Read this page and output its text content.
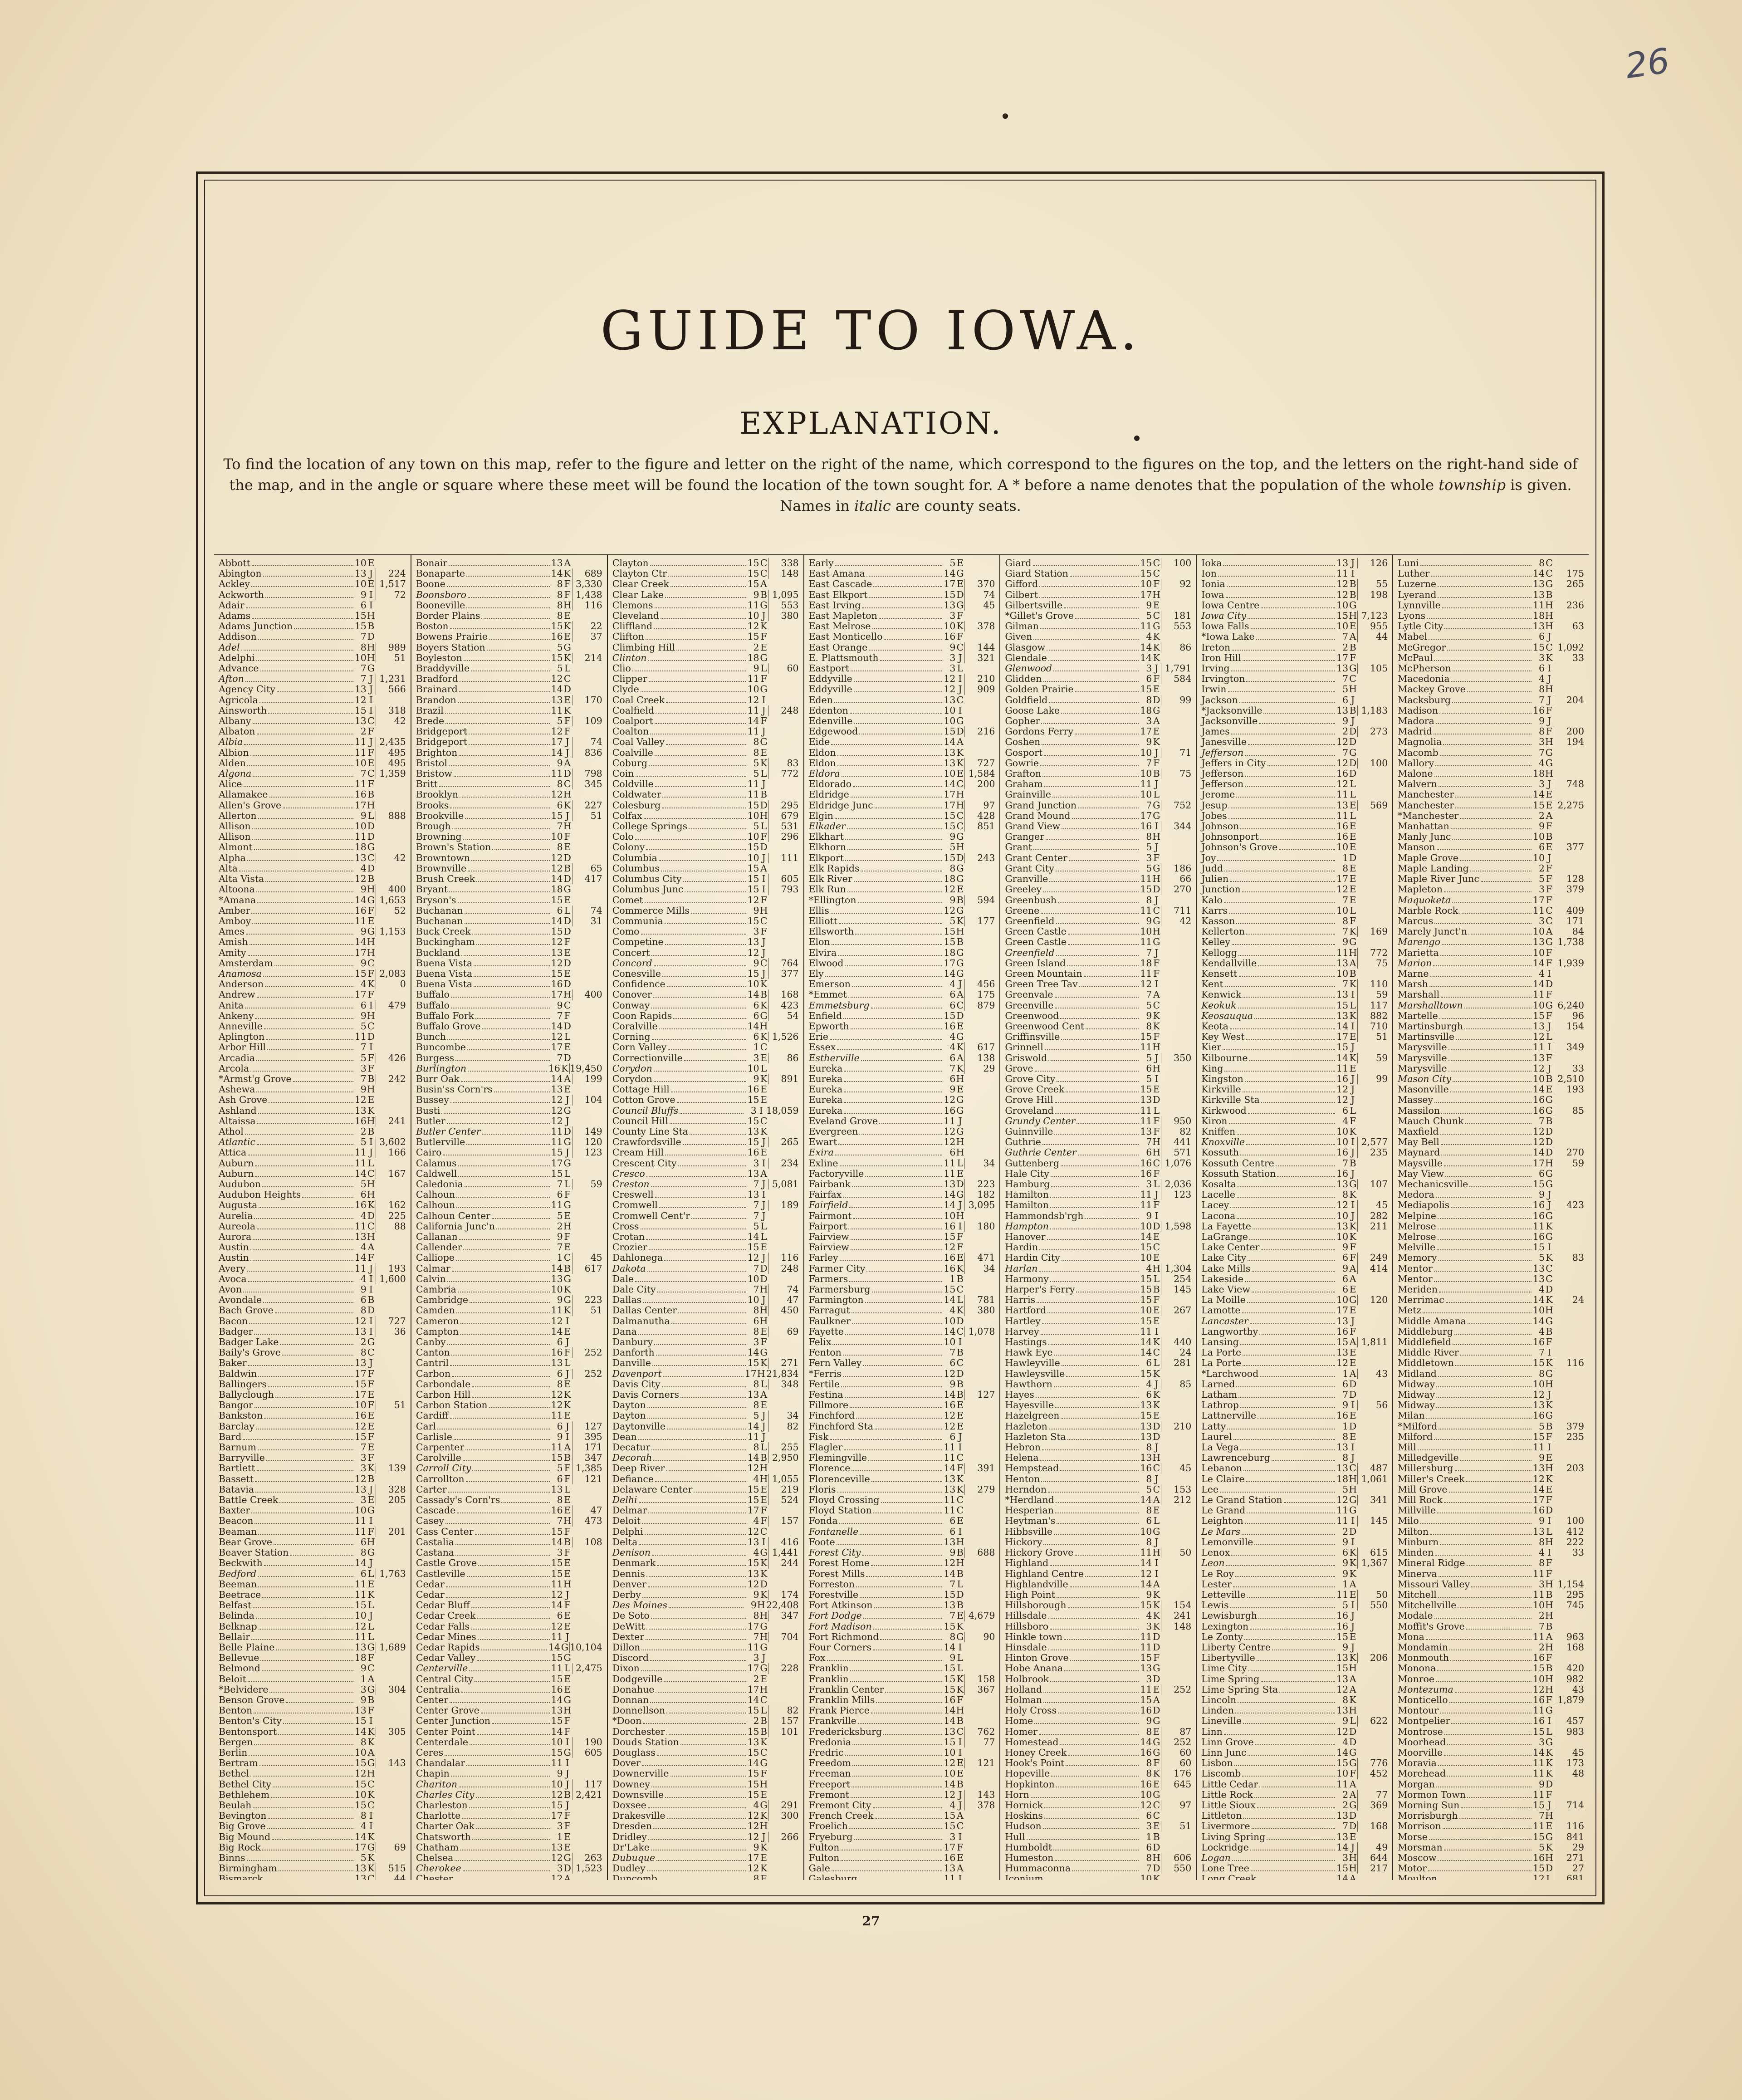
26
GUIDE TO IOWA.
EXPLANATION.

To find the location of any town on this map, refer to the figure and letter on the right of the name, which correspond to the figures on the top, and the letters on the right-hand side of the map, and in the angle or square where these meet will be found the location of the town sought for. A * before a name denotes that the population of the whole township is given. Names in italic are county seats.

Abbott	10 E
Abington	13 J	224
Ackley	10 E 1,517
Ackworth	9 I	72
Adair	6 I
Adams	15 H
Adams Junction	15 B
Addison	7 D
Adel	8 H	989
Adelphi	10 H	51
Advance	7 G
Afton	7 J 1,231
Agency City	13 J	566
Agricola	12 I
Ainsworth	15 I	318
Albany	13 C	42
Albaton	2 F
Albia	11 J 2,435
Albion	11 F	495
Alden	10 E	495
Algona	7 C 1,359
Alice	11 F
Allamakee	16 B
Allen's Grove	17 H
Allerton	9 L	888
Allison	10 D
Allison	11 D
Almont	18 G
Alpha	13 C	42
Alta	4 D
Alta Vista	12 B
Altoona	9 H	400
*Amana	14 G 1,653
Amber	16 F	52
Amboy	11 E
Ames	9 G 1,153
Amish	14 H
Amity	17 H
Amsterdam	9 C
Anamosa	15 F 2,083
Anderson	4 K	0
Andrew	17 F
Anita	6 I	479
Ankeny	9 H
Anneville	5 C
Aplington	11 D
Arbor Hill	7 I
Arcadia	5 F	426
Arcola	3 F
*Armst'g Grove	7 B	242
Ashewa	9 H
Ash Grove	12 E
Ashland	13 K
Altaissa	16 H	241
Athol	2 B
Atlantic	5 I 3,602
Attica	11 J	166
Auburn	11 L
Auburn	14 C	167
Audubon	5 H
Audubon Heights	6 H
Augusta	16 K	162
Aurelia	4 D	225
Aureola	11 C	88
Aurora	13 H
Austin	4 A
Austin	14 F
Avery	11 J	193
Avoca	4 I 1,600
Avon	9 I
Avondale	6 B
Bach Grove	8 D
Bacon	12 I	727
Badger	13 I	36
Badger Lake	2 G
Baily's Grove	8 C
Baker	13 J
Baldwin	17 F
Ballingers	15 F
Ballyclough	17 E
Bangor	10 F	51
Bankston	16 E
Barclay	12 E
Bard	15 F
Barnum	7 E
Barryville	3 F
Bartlett	3 K	139
Bassett	12 B
Batavia	13 J	328
Battle Creek	3 E	205
Baxter	10 G
Beacon	11 I
Beaman	11 F	201
Bear Grove	6 H
Beaver Station	8 G
Beckwith	14 J
Bedford	6 L 1,763
Beeman	11 E
Beetrace	11 K
Belfast	15 L
Belinda	10 J
Belknap	12 L
Bellair	11 L
Belle Plaine	13 G 1,689
Bellevue	18 F
Belmond	9 C
Beloit	1 A
*Belvidere	3 G	304
Benson Grove	9 B
Benton	13 F
Benton's City	15 I
Bentonsport	14 K	305
Bergen	8 K
Berlin	10 A
Bertram	15 G	143
Bethel	12 H
Bethel City	15 C
Bethlehem	10 K
Beulah	15 C
Bevington	8 I
Big Grove	4 I
Big Mound	14 K
Big Rock	17 G	69
Binns	5 K
Birmingham	13 K	515
Bismarck	13 C	44
Bonair	13 A
Bonaparte	14 K	689
Boone	8 F 3,330
Boonsboro	8 F 1,438
Booneville	8 H	116
Border Plains	8 E
Boston	15 K	22
Bowens Prairie	16 E	37
Boyers Station	5 G
Boyleston	15 K	214
Braddyville	5 L
Bradford	12 C
Brainard	14 D
Brandon	13 E	170
Brazil	11 K
Brede	5 F	109
Bridgeport	12 F
Bridgeport	17 J	74
Brighton	14 J	836
Bristol	9 A
Bristow	11 D	798
Britt	8 C	345
Brooklyn	12 H
Brooks	6 K	227
Brookville	15 J	51
Brough	7 H
Browning	10 F
Brown's Station	8 E
Browntown	12 D
Brownville	12 B	65
Brush Creek	14 D	417
Bryant	18 G
Bryson's	15 E
Buchanan	6 L	74
Buchanan	14 D	31
Buck Creek	15 D
Buckingham	12 F
Buckland	13 E
Buena Vista	12 D
Buena Vista	15 E
Buena Vista	16 D
Buffalo	17 H	400
Buffalo	9 C
Buffalo Fork	7 F
Buffalo Grove	14 D
Bunch	12 L
Buncombe	17 E
Burgess	7 D
Burlington	16 K 19,450
Burr Oak	14 A	199
Busin'ss Corn'rs	13 E
Bussey	12 J	104
Busti	12 G
Butler	12 J
Butler Center	11 D	149
Butlerville	11 G	120
Cairo	15 J	123
Calamus	17 G
Caldwell	15 L
Caledonia	7 L	59
Calhoun	6 F
Calhoun	11 G
Calhoun Center	5 E
California Junc'n	2 H
Callanan	9 F
Callender	7 E
Calliope	1 C	45
Calmar	14 B	617
Calvin	13 G
Cambria	10 K
Cambridge	9 G	223
Camden	11 K	51
Cameron	12 I
Campton	14 E
Canby	6 J
Canton	16 F	252
Cantril	13 L
Carbon	6 J	252
Carbondale	8 E
Carbon Hill	12 K
Carbon Station	12 K
Cardiff	11 E
Carl	6 J	127
Carlisle	9 I	395
Carpenter	11 A	171
Carolville	15 B	347
Carroll City	5 F 1,385
Carrollton	6 F	121
Carter	13 L
Cassady's Corn'rs	8 E
Cascade	16 E	47
Casey	7 H	473
Cass Center	15 F
Castalia	14 B	108
Castana	3 F
Castle Grove	15 E
Castleville	15 E
Cedar	11 H
Cedar	12 J
Cedar Bluff	14 F
Cedar Creek	6 E
Cedar Falls	12 E
Cedar Mines	11 J
Cedar Rapids	14 G 10,104
Cedar Valley	15 G
Centerville	11 L 2,475
Central City	15 E
Centralia	16 E
Center	14 G
Center Grove	13 H
Center Junction	15 F
Center Point	14 F
Centerdale	10 I	190
Ceres	15 G	605
Chandalar	11 I
Chapin	9 J
Chariton	10 J	117
Charles City	12 B 2,421
Charleston	15 J
Charlotte	17 F
Charter Oak	3 F
Chatsworth	1 E
Chatham	13 E
Chelsea	12 G	263
Cherokee	3 D 1,523
Chester	12 A
Clayton	15 C	338
Clayton Ctr	15 C	148
Clear Creek	15 A
Clear Lake	9 B 1,095
Clemons	11 G	553
Cleveland	10 J	380
Cliffland	12 K
Clifton	15 F
Climbing Hill	2 E
Clinton	18 G
Clio	9 L	60
Clipper	11 F
Clyde	10 G
Coal Creek	12 I
Coalfield	11 J	248
Coalport	14 F
Coalton	11 J
Coal Valley	8 G
Coalville	8 E
Coburg	5 K	83
Coin	5 L	772
Coldville	11 J
Coldwater	11 B
Colesburg	15 D	295
Colfax	10 H	679
College Springs	5 L	531
Colo	10 F	296
Colony	15 D
Columbia	10 J	111
Columbus	15 A
Columbus City	15 I	605
Columbus Junc	15 I	793
Comet	12 F
Commerce Mills	9 H
Communia	15 C
Como	3 F
Competine	13 J
Concert	12 J
Concord	9 C	764
Conesville	15 J	377
Confidence	10 K
Conover	14 B	168
Conway	6 K	423
Coon Rapids	6 G	54
Coralville	14 H
Corning	6 K 1,526
Corn Valley	1 C
Correctionville	3 E	86
Corydon	10 L
Corydon	9 K	891
Cottage Hill	16 E
Cotton Grove	15 E
Council Bluffs	3 I 18,059
Council Hill	15 C
County Line Sta	13 K
Crawfordsville	15 J	265
Cream Hill	16 E
Crescent City	3 I	234
Cresco	13 A
Creston	7 J 5,081
Creswell	13 I
Cromwell	7 J	189
Cromwell Cent'r	7 J
Cross	5 L
Crotan	14 L
Crozier	15 E
Dahlonega	12 J	116
Dakota	7 D	248
Dale	10 D
Dale City	7 H	74
Dallas	10 J	47
Dallas Center	8 H	450
Dalmanutha	6 H
Dana	8 E	69
Danbury	3 F
Danforth	14 G
Danville	15 K	271
Davenport	17 H 21,834
Davis City	8 L	348
Davis Corners	13 A
Dayton	8 E
Dayton	5 J	34
Daytonville	14 J	82
Dean	11 J
Decatur	8 L	255
Decorah	14 B 2,950
Deep River	12 H
Defiance	4 H 1,055
Delaware Center	15 E	219
Delhi	15 E	524
Delmar	17 F
Deloit	4 F	157
Delphi	12 C
Delta	13 I	416
Denison	4 G 1,441
Denmark	15 K	244
Dennis	13 K
Denver	12 D
Derby	9 K	174
Des Moines	9 H 22,408
De Soto	8 H	347
DeWitt	17 G
Dexter	7 H	704
Dillon	11 G
Discord	3 J
Dixon	17 G	228
Dodgeville	2 E
Donahue	17 H
Donnan	14 C
Donnellson	15 L	82
*Doon	2 B	157
Dorchester	15 B	101
Douds Station	13 K
Douglass	15 C
Dover	14 G
Downerville	15 F
Downey	15 H
Downsville	15 E
Doxsee	4 G	291
Drakesville	12 K	300
Dresden	12 H
Dridley	12 J	266
Dr'Lake	9 K
Dubuque	17 E
Dudley	12 K
Duncomb	8 E
Early	5 E
East Amana	14 G
East Cascade	17 E	370
East Elkport	15 D	74
East Irving	13 G	45
East Mapleton	3 F
East Melrose	10 K	378
East Monticello	16 F
East Orange	9 C	144
E. Plattsmouth	3 J	321
Eastport	3 L
Eddyville	12 I	210
Eddyville	12 J	909
Eden	13 C
Edenton	10 I
Edenville	10 G
Edgewood	15 D	216
Eide	14 A
Eldon	13 K
Eldon	13 K	727
Eldora	10 E 1,584
Eldorado	14 C	200
Eldridge	17 H
Eldridge Junc	17 H	97
Elgin	15 C	428
Elkader	15 C	851
Elkhart	9 G
Elkhorn	5 H
Elkport	15 D	243
Elk Rapids	8 G
Elk River	18 G
Elk Run	12 E
*Ellington	9 B	594
Ellis	12 G
Elliott	5 K	177
Ellsworth	15 H
Elon	15 B
Elvira	18 G
Elwood	17 G
Ely	14 G
Emerson	4 J	456
*Emmet	6 A	175
Emmetsburg	6 C	879
Enfield	15 D
Epworth	16 E
Erie	4 G
Essex	4 K	617
Estherville	6 A	138
Eureka	7 K	29
Eureka	6 H
Eureka	9 E
Eureka	12 G
Eureka	16 G
Eveland Grove	11 J
Evergreen	12 G
Ewart	12 H
Exira	6 H
Exline	11 L	34
Factoryville	11 E
Fairbank	13 D	223
Fairfax	14 G	182
Fairfield	14 J 3,095
Fairmont	10 H
Fairport	16 I	180
Fairview	15 F
Fairview	12 F
Farley	16 E	471
Farmer City	16 K	34
Farmers	1 B
Farmersburg	15 C
Farmington	14 L	781
Farragut	4 K	380
Faulkner	10 D
Fayette	14 C 1,078
Felix	10 I
Fenton	7 B
Fern Valley	6 C
*Ferris	12 D
Fertile	9 B
Festina	14 B	127
Fillmore	16 E
Finchford	12 E
Finchford Sta	12 E
Fisk	6 J
Flagler	11 I
Flemingville	11 C
Florence	14 F	391
Florenceville	13 K
Floris	13 K	279
Floyd Crossing	11 C
Floyd Station	11 C
Fonda	6 E
Fontanelle	6 I
Foote	13 H
Forest City	9 B	688
Forest Home	12 H
Forest Mills	14 B
Forreston	7 L
Forestville	15 D
Fort Atkinson	13 B
Fort Dodge	7 E 4,679
Fort Madison	15 K
Fort Richmond	8 G	90
Four Corners	14 I
Fox	9 L
Franklin	15 L
Franklin	15 K	158
Franklin Center	15 K	367
Franklin Mills	16 F
Frank Pierce	14 H
Frankville	14 B
Fredericksburg	13 C	762
Fredonia	15 I	77
Fredric	10 I
Freedom	12 E	121
Freeman	10 E
Freeport	14 B
Fremont	12 J	143
Fremont City	4 J	378
French Creek	15 A
Froelich	15 C
Fryeburg	3 I
Fulton	17 F
Fulton	16 E
Gale	13 A
Galesburg	11 I
Giard	15 C	100
Giard Station	15 C
Gifford	10 F	92
Gilbert	17 H
Gilbertsville	9 E
*Gillet's Grove	5 C	181
Gilman	11 G	553
Given	4 K
Glasgow	14 K	86
Glendale	14 K
Glenwood	3 J 1,791
Glidden	6 F	584
Golden Prairie	15 E
Goldfield	8 D	99
Goose Lake	18 G
Gopher	3 A
Gordons Ferry	17 E
Goshen	9 K
Gosport	10 J	71
Gowrie	7 F
Grafton	10 B	75
Graham	11 J
Grainville	10 L
Grand Junction	7 G	752
Grand Mound	17 G
Grand View	16 I	344
Granger	8 H
Grant	5 J
Grant Center	3 F
Grant City	5 G	186
Granville	11 H	66
Greeley	15 D	270
Greenbush	8 J
Greene	11 C	711
Greenfield	9 G	42
Green Castle	10 H
Green Castle	11 G
Greenfield	7 J
Green Island	18 F
Green Mountain	11 F
Green Tree Tav	12 I
Greenvale	7 A
Greenville	5 C
Greenwood	9 K
Greenwood Cent	8 K
Griffinsville	15 F
Grinnell	11 H
Griswold	5 J	350
Grove	6 H
Grove City	5 I
Grove Creek	15 E
Grove Hill	13 D
Groveland	11 L
Grundy Center	11 F	950
Guinnville	13 F	82
Guthrie	7 H	441
Guthrie Center	6 H	571
Guttenberg	16 C 1,076
Hale City	16 F
Hamburg	3 L 2,036
Hamilton	11 J	123
Hamilton	11 F
Hammondsb'rgh	9 I
Hampton	10 D 1,598
Hanover	14 E
Hardin	15 C
Hardin City	10 E
Harlan	4 H 1,304
Harmony	15 L	254
Harper's Ferry	15 B	145
Harris	15 F
Hartford	10 E	267
Hartley	15 E
Harvey	11 I
Hastings	14 K	440
Hawk Eye	14 C	24
Hawleyville	6 L	281
Hawleysville	15 K
Hawthorn	4 J	85
Hayes	6 K
Hayesville	13 K
Hazelgreen	15 E
Hazleton	13 D	210
Hazleton Sta	13 D
Hebron	8 J
Helena	13 H
Hempstead	16 C	45
Henton	8 J
Herndon	5 C	153
*Herdland	14 A	212
Hesperian	8 E
Heytman's	6 L
Hibbsville	10 G
Hickory	8 J
Hickory Grove	11 H	50
Highland	14 I
Highland Centre	12 I
Highlandville	14 A
High Point	9 K
Hillsborough	15 K	154
Hillsdale	4 K	241
Hillsboro	3 K	148
Hinkle town	11 D
Hinsdale	11 D
Hinton Grove	15 F
Hobe Anana	13 G
Holbrook	3 D
Holland	11 E	252
Holman	15 A
Holy Cross	16 D
Home	9 G
Homer	8 E	87
Homestead	14 G	252
Honey Creek	16 G	60
Hook's Point	8 F	60
Hopeville	8 K	176
Hopkinton	16 E	645
Horn	10 G
Hornick	12 C	97
Hoskins	6 C
Hudson	3 E	51
Hull	1 B
Humboldt	6 D
Humeston	8 H	606
Hummaconna	7 D	550
Iconium	10 K
Ioka	13 J	126
Ion	11 I
Ionia	12 B	55
Iowa	12 B	198
Iowa Centre	10 G
Iowa City	15 H 7,123
Iowa Falls	10 E	955
*Iowa Lake	7 A	44
Ireton	2 B
Iron Hill	17 F
Irving	13 G	105
Irvington	7 C
Irwin	5 H
Jackson	6 J
*Jacksonville	13 B 1,183
Jacksonville	9 J
James	2 D	273
Janesville	12 D
Jefferson	7 G
Jeffers in City	12 D	100
Jefferson	16 D
Jefferson	12 L
Jerome	11 L
Jesup	13 E	569
Jobes	11 L
Johnson	16 E
Johnsonport	16 E
Johnson's Grove	10 E
Joy	1 D
Judd	8 E
Julien	17 E
Junction	12 E
Kalo	7 E
Karrs	10 L
Kasson	8 F
Kellerton	7 K	169
Kelley	9 G
Kellogg	11 H	772
Kendallville	13 A	75
Kensett	10 B
Kent	7 K	110
Kenwick	13 I	59
Keokuk	15 L	117
Keosauqua	13 K	882
Keota	14 I	710
Key West	17 E	51
Kier	15 J
Kilbourne	14 K	59
King	11 E
Kingston	16 J	99
Kirkville	12 J
Kirkville Sta	12 J
Kirkwood	6 L
Kiron	4 F
Kniffen	10 K
Knoxville	10 I 2,577
Kossuth	16 J	235
Kossuth Centre	7 B
Kossuth Station	16 J
Kosalta	13 G	107
Lacelle	8 K
Lacey	12 I	45
Lacona	10 J	282
La Fayette	13 K	211
LaGrange	10 K
Lake Center	9 F
Lake City	6 F	249
Lake Mills	9 A	414
Lakeside	6 A
Lake View	6 E
La Moille	10 G	120
Lamotte	17 E
Lancaster	13 J
Langworthy	16 F
Lansing	15 A 1,811
La Porte	13 E
La Porte	12 E
*Larchwood	1 A	43
Larned	6 D
Latham	7 D
Lathrop	9 I	56
Lattnerville	16 E
Latty	1 D
Laurel	8 E
La Vega	13 I
Lawrenceburg	8 J
Lebanon	13 C	487
Le Claire	18 H 1,061
Lee	5 H
Le Grand Station	12 G	341
Le Grand	11 G
Leighton	11 I	145
Le Mars	2 D
Lemonville	9 I
Lenox	6 K	615
Leon	9 K 1,367
Le Roy	9 K
Lester	1 A
Letteville	11 E	50
Lewis	5 I	550
Lewisburgh	16 J
Lexington	16 J
Le Zonty	15 E
Liberty Centre	9 J
Libertyville	13 K	206
Lime City	15 H
Lime Spring	13 A
Lime Spring Sta	12 A
Lincoln	8 K
Linden	13 H
Lineville	9 L	622
Linn	12 D
Linn Grove	4 D
Linn Junc	14 G
Lisbon	15 G	776
Liscomb	10 F	452
Little Cedar	11 A
Little Rock	2 A	77
Little Sioux	2 G	369
Littleton	13 D
Livermore	7 D	168
Living Spring	13 E
Lockridge	14 J	49
Logan	3 H	644
Lone Tree	15 H	217
Long Creek	14 A
Luni	8 C
Luther	14 C	175
Luzerne	13 G	265
Lyerand	13 B
Lynnville	11 H	236
Lyons	18 H
Lytle City	13 H	63
Mabel	6 J
McGregor	15 C 1,092
McPaul	3 K	33
McPherson	6 I
Macedonia	4 J
Mackey Grove	8 H
Macksburg	7 J	204
Madison	16 F
Madora	9 J
Madrid	8 F	200
Magnolia	3 H	194
Macomb	7 G
Mallory	4 G
Malone	18 H
Malvern	3 J	748
Manchester	14 E
Manchester	15 E 2,275
*Manchester	2 A
Manhattan	9 F
Manly Junc	10 B
Manson	6 E	377
Maple Grove	10 J
Maple Landing	2 F
Maple River Junc	5 F	128
Mapleton	3 F	379
Maquoketa	17 F
Marble Rock	11 C	409
Marcus	3 C	171
Marely Junct'n	10 A	84
Marengo	13 G 1,738
Marietta	10 F
Marion	14 F 1,939
Marne	4 I
Marsh	14 D
Marshall	11 F
Marshalltown	10 G 6,240
Martelle	15 F	96
Martinsburgh	13 J	154
Martinsville	12 L
Marysville	11 I	349
Marysville	13 F
Marysville	12 J	33
Mason City	10 B 2,510
Masonville	14 E	193
Massey	16 G
Massilon	16 G	85
Mauch Chunk	7 B
Maxfield	12 D
May Bell	12 D
Maynard	14 D	270
Maysville	17 H	59
May View	6 G
Mechanicsville	15 G
Medora	9 J
Mediapolis	16 J	423
Melpine	16 G
Melrose	11 K
Melrose	16 G
Melville	15 I
Memory	5 K	83
Mentor	13 C
Mentor	13 C
Meriden	4 D
Merrimac	14 K	24
Metz	10 H
Middle Amana	14 G
Middleburg	4 B
Middlefield	16 F
Middle River	7 I
Middletown	15 K	116
Midland	8 G
Midway	10 H
Midway	12 J
Midway	13 K
Milan	16 G
*Milford	5 B	379
Milford	15 F	235
Mill	11 I
Milledgeville	9 E
Millersburg	13 H	203
Miller's Creek	12 K
Mill Grove	14 E
Mill Rock	17 F
Millville	16 D
Milo	9 I	100
Milton	13 L	412
Minburn	8 H	222
Minden	4 I	33
Mineral Ridge	8 F
Minerva	11 F
Missouri Valley	3 H 1,154
Mitchell	11 B	295
Mitchellville	10 H	745
Modale	2 H
Moffit's Grove	7 B
Mona	11 A	963
Mondamin	2 H	168
Monmouth	16 F
Monona	15 B	420
Monroe	10 H	982
Montezuma	12 H	43
Monticello	16 F 1,879
Montour	11 G
Montpelier	16 I	457
Montrose	15 L	983
Moorhead	3 G
Moorville	14 K	45
Moravia	11 K	173
Morehead	11 K	48
Morgan	9 D
Mormon Town	11 F
Morning Sun	15 J	714
Morrisburgh	7 H
Morrison	11 E	116
Morse	15 G	841
Morsman	5 K	29
Moscow	16 H	271
Motor	15 D	27
Moulton	12 L	681
27
